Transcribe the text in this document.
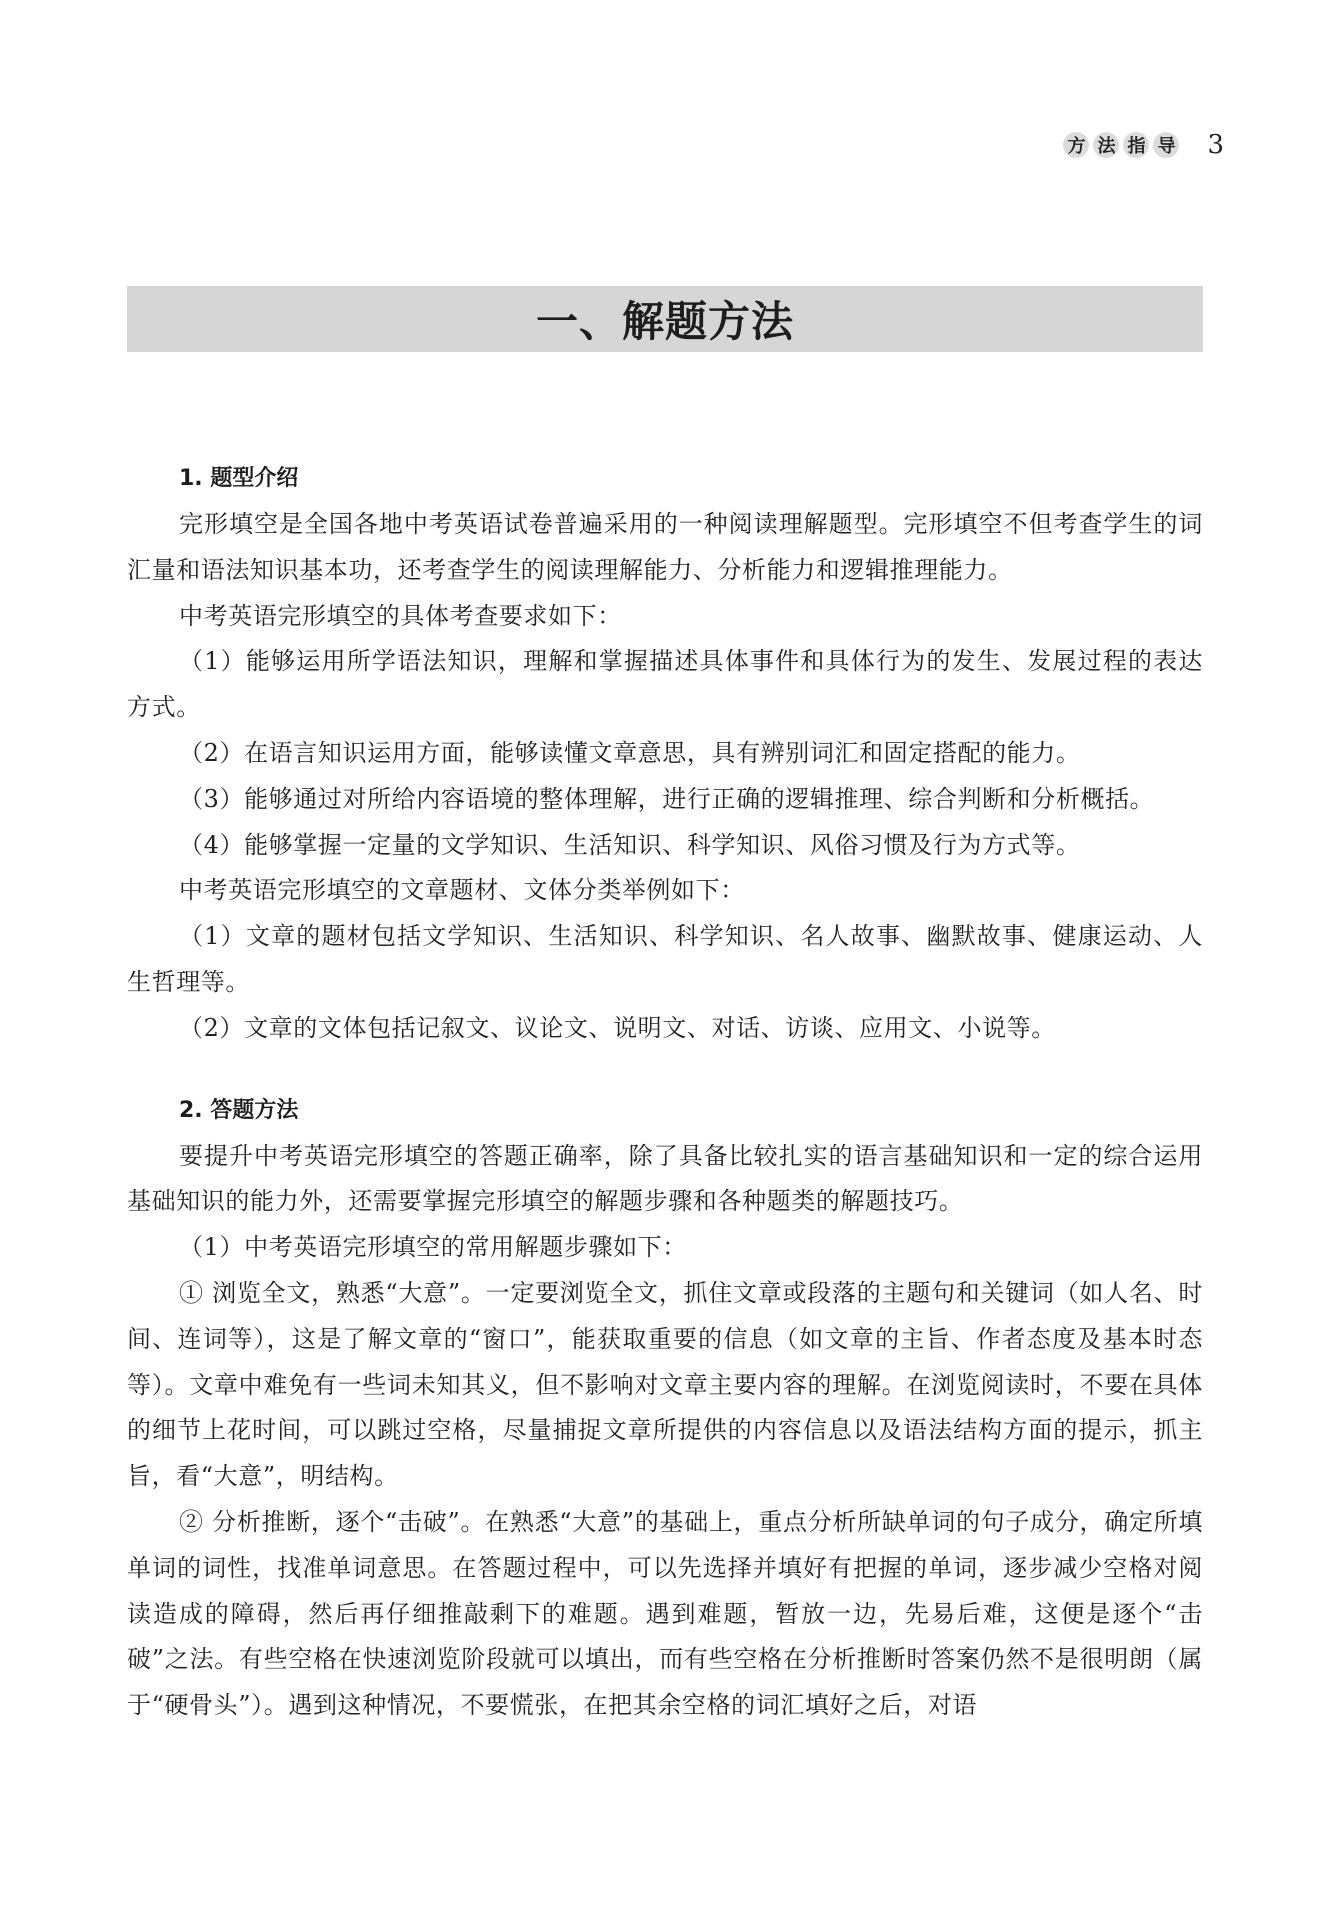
方 法 指 导 3
一、解题方法
1. 题型介绍

完形填空是全国各地中考英语试卷普遍采用的一种阅读理解题型。完形填空不但考查学生的词汇量和语法知识基本功，还考查学生的阅读理解能力、分析能力和逻辑推理能力。

中考英语完形填空的具体考查要求如下：

（1）能够运用所学语法知识，理解和掌握描述具体事件和具体行为的发生、发展过程的表达方式。

（2）在语言知识运用方面，能够读懂文章意思，具有辨别词汇和固定搭配的能力。

（3）能够通过对所给内容语境的整体理解，进行正确的逻辑推理、综合判断和分析概括。

（4）能够掌握一定量的文学知识、生活知识、科学知识、风俗习惯及行为方式等。

中考英语完形填空的文章题材、文体分类举例如下：

（1）文章的题材包括文学知识、生活知识、科学知识、名人故事、幽默故事、健康运动、人生哲理等。

（2）文章的文体包括记叙文、议论文、说明文、对话、访谈、应用文、小说等。

2. 答题方法

要提升中考英语完形填空的答题正确率，除了具备比较扎实的语言基础知识和一定的综合运用基础知识的能力外，还需要掌握完形填空的解题步骤和各种题类的解题技巧。

（1）中考英语完形填空的常用解题步骤如下：

① 浏览全文，熟悉“大意”。一定要浏览全文，抓住文章或段落的主题句和关键词（如人名、时间、连词等），这是了解文章的“窗口”，能获取重要的信息（如文章的主旨、作者态度及基本时态等）。文章中难免有一些词未知其义，但不影响对文章主要内容的理解。在浏览阅读时，不要在具体的细节上花时间，可以跳过空格，尽量捕捉文章所提供的内容信息以及语法结构方面的提示，抓主旨，看“大意”，明结构。

② 分析推断，逐个“击破”。在熟悉“大意”的基础上，重点分析所缺单词的句子成分，确定所填单词的词性，找准单词意思。在答题过程中，可以先选择并填好有把握的单词，逐步减少空格对阅读造成的障碍，然后再仔细推敲剩下的难题。遇到难题，暂放一边，先易后难，这便是逐个“击破”之法。有些空格在快速浏览阶段就可以填出，而有些空格在分析推断时答案仍然不是很明朗（属于“硬骨头”）。遇到这种情况，不要慌张，在把其余空格的词汇填好之后，对语
